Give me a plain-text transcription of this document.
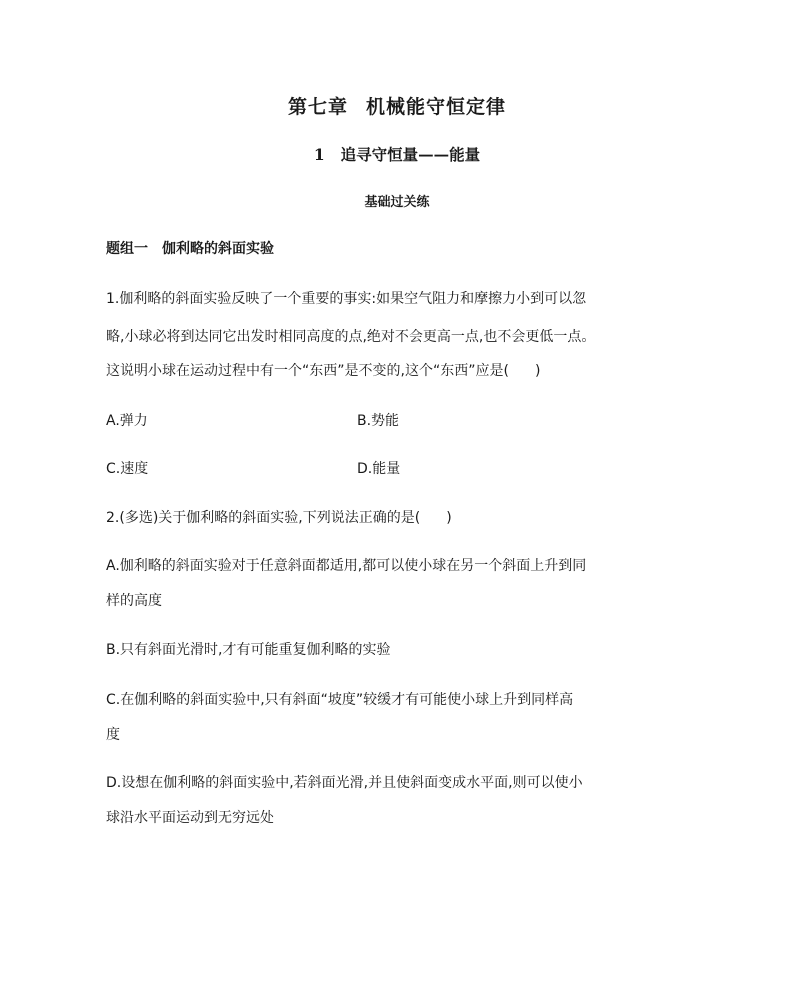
第七章 机械能守恒定律
1 追寻守恒量——能量
基础过关练
题组一 伽利略的斜面实验
1.伽利略的斜面实验反映了一个重要的事实:如果空气阻力和摩擦力小到可以忽
略,小球必将到达同它出发时相同高度的点,绝对不会更高一点,也不会更低一点。
这说明小球在运动过程中有一个“东西”是不变的,这个“东西”应是( )
A.弹力	B.势能
C.速度	D.能量
2.(多选)关于伽利略的斜面实验,下列说法正确的是( )
A.伽利略的斜面实验对于任意斜面都适用,都可以使小球在另一个斜面上升到同
样的高度
B.只有斜面光滑时,才有可能重复伽利略的实验
C.在伽利略的斜面实验中,只有斜面“坡度”较缓才有可能使小球上升到同样高
度
D.设想在伽利略的斜面实验中,若斜面光滑,并且使斜面变成水平面,则可以使小
球沿水平面运动到无穷远处
